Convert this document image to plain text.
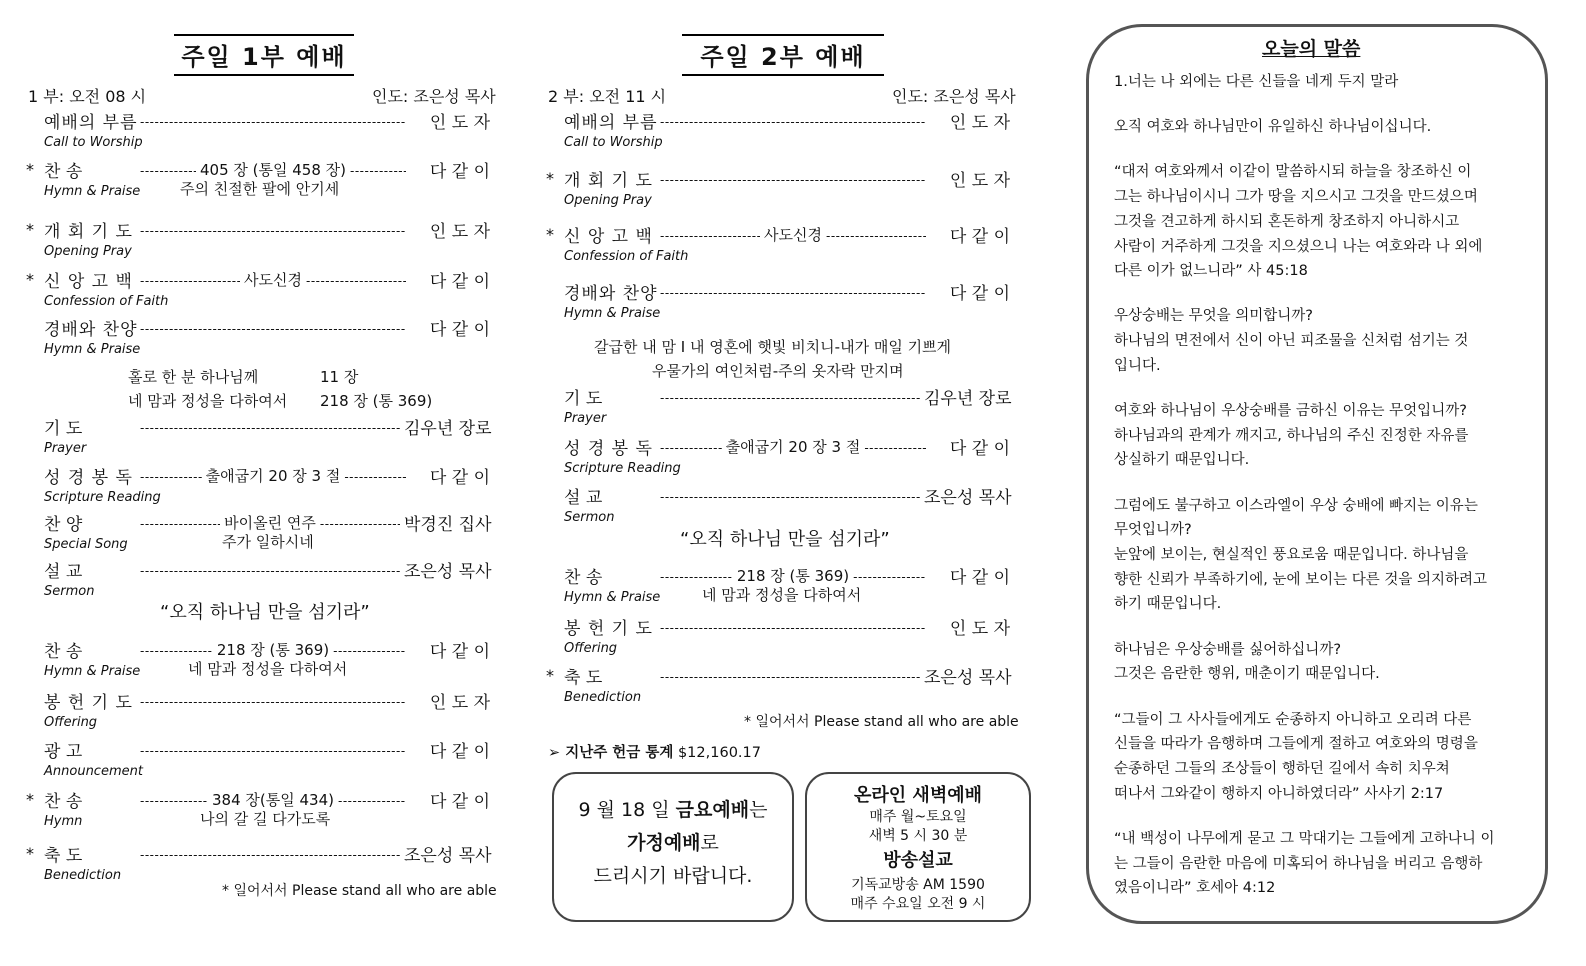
주일 1부 예배
1 부: 오전 08 시	인도: 조은성 목사
예배의 부름 -----	인 도 자
Call to Worship
* 찬 송 -----	405 장 (통일 458 장) -----	다 같 이
Hymn & Praise	주의 친절한 팔에 안기세
* 개 회 기 도 -----	인 도 자
Opening Pray
* 신 앙 고 백 -----	사도신경 -----	다 같 이
Confession of Faith
경배와 찬양 -----	다 같 이
Hymn & Praise
기 도 -----	김우년 장로
Prayer
성 경 봉 독 -----	출애굽기 20 장 3 절 -----	다 같 이
Scripture Reading
찬 양 -----	바이올린 연주 -----	박경진 집사
Special Song	주가 일하시네
설 교 -----	조은성 목사
Sermon
찬 송 -----	218 장 (통 369) -----	다 같 이
Hymn & Praise	네 맘과 정성을 다하여서
봉 헌 기 도 -----	인 도 자
Offering
광 고 -----	다 같 이
Announcement
* 찬 송 -----	384 장(통일 434) -----	다 같 이
Hymn	나의 갈 길 다가도록
* 축 도 -----	조은성 목사
Benediction
홀로 한 분 하나님께	11 장
네 맘과 정성을 다하여서 218 장 (통 369)
“오직 하나님 만을 섬기라”
* 일어서서 Please stand all who are able
주일 2부 예배
2 부: 오전 11 시	인도: 조은성 목사
예배의 부름 -----	인 도 자
Call to Worship
* 개 회 기 도 -----	인 도 자
Opening Pray
* 신 앙 고 백 -----	사도신경 -----	다 같 이
Confession of Faith
경배와 찬양 -----	다 같 이
Hymn & Praise
기 도 -----	김우년 장로
Prayer
성 경 봉 독 -----	출애굽기 20 장 3 절 -----	다 같 이
Scripture Reading
설 교 -----	조은성 목사
Sermon
찬 송 -----	218 장 (통 369) -----	다 같 이
Hymn & Praise	네 맘과 정성을 다하여서
봉 헌 기 도 -----	인 도 자
Offering
* 축 도 -----	조은성 목사
Benediction
갈급한 내 맘 I 내 영혼에 햇빛 비치니-내가 매일 기쁘게
우물가의 여인처럼-주의 옷자락 만지며
“오직 하나님 만을 섬기라”
* 일어서서 Please stand all who are able
➢ 지난주 헌금 통계 $12,160.17
9 월 18 일 금요예배는
가정예배로
드리시기 바랍니다.
온라인 새벽예배
매주 월~토요일
새벽 5 시 30 분
방송설교
기독교방송 AM 1590
매주 수요일 오전 9 시
오늘의 말씀
1.너는 나 외에는 다른 신들을 네게 두지 말라
오직 여호와 하나님만이 유일하신 하나님이십니다.
“대저 여호와께서 이같이 말씀하시되 하늘을 창조하신 이
그는 하나님이시니 그가 땅을 지으시고 그것을 만드셨으며
그것을 견고하게 하시되 혼돈하게 창조하지 아니하시고
사람이 거주하게 그것을 지으셨으니 나는 여호와라 나 외에
다른 이가 없느니라” 사 45:18
우상숭배는 무엇을 의미합니까?
하나님의 면전에서 신이 아닌 피조물을 신처럼 섬기는 것
입니다.
여호와 하나님이 우상숭배를 금하신 이유는 무엇입니까?
하나님과의 관계가 깨지고, 하나님의 주신 진정한 자유를
상실하기 때문입니다.
그럼에도 불구하고 이스라엘이 우상 숭배에 빠지는 이유는
무엇입니까?
눈앞에 보이는, 현실적인 풍요로움 때문입니다. 하나님을
향한 신뢰가 부족하기에, 눈에 보이는 다른 것을 의지하려고
하기 때문입니다.
하나님은 우상숭배를 싫어하십니까?
그것은 음란한 행위, 매춘이기 때문입니다.
“그들이 그 사사들에게도 순종하지 아니하고 오리려 다른
신들을 따라가 음행하며 그들에게 절하고 여호와의 명령을
순종하던 그들의 조상들이 행하던 길에서 속히 치우쳐
떠나서 그와같이 행하지 아니하였더라” 사사기 2:17
“내 백성이 나무에게 묻고 그 막대기는 그들에게 고하나니 이
는 그들이 음란한 마음에 미혹되어 하나님을 버리고 음행하
였음이니라” 호세아 4:12
